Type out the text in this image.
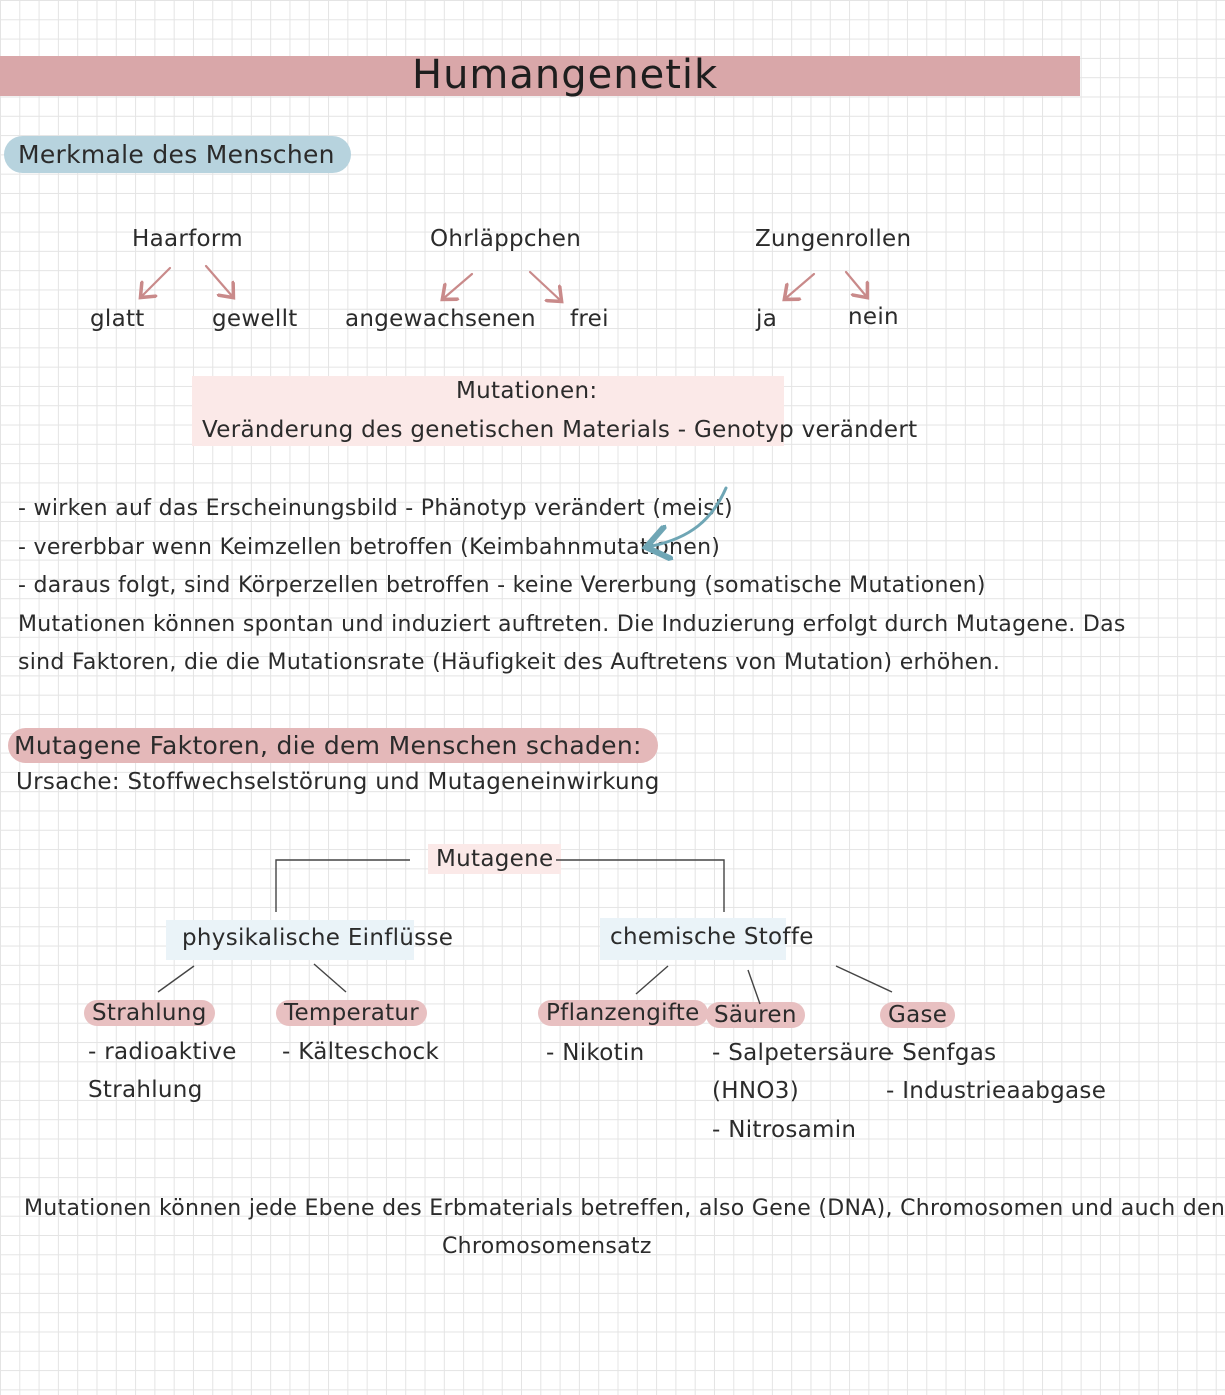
Humangenetik
Merkmale des Menschen
Haarform
glatt	gewellt
Ohrläppchen
angewachsenen frei
Zungenrollen
ja	nein
Mutationen:
Veränderung des genetischen Materials - Genotyp verändert
- wirken auf das Erscheinungsbild - Phänotyp verändert (meist)
- vererbbar wenn Keimzellen betroffen (Keimbahnmutationen)
- daraus folgt, sind Körperzellen betroffen - keine Vererbung (somatische Mutationen)
Mutationen können spontan und induziert auftreten. Die Induzierung erfolgt durch Mutagene. Das
sind Faktoren, die die Mutationsrate (Häufigkeit des Auftretens von Mutation) erhöhen.
Mutagene Faktoren, die dem Menschen schaden:
Ursache: Stoffwechselstörung und Mutageneinwirkung
Mutagene
physikalische Einflüsse
Strahlung
- radioaktive
Strahlung
Temperatur
- Kälteschock
chemische Stoffe
Pflanzengifte
- Nikotin
Säuren
- Salpetersäure
(HNO3)
- Nitrosamin
Gase
- Senfgas
- Industrieaabgase
Mutationen können jede Ebene des Erbmaterials betreffen, also Gene (DNA), Chromosomen und auch den
Chromosomensatz
